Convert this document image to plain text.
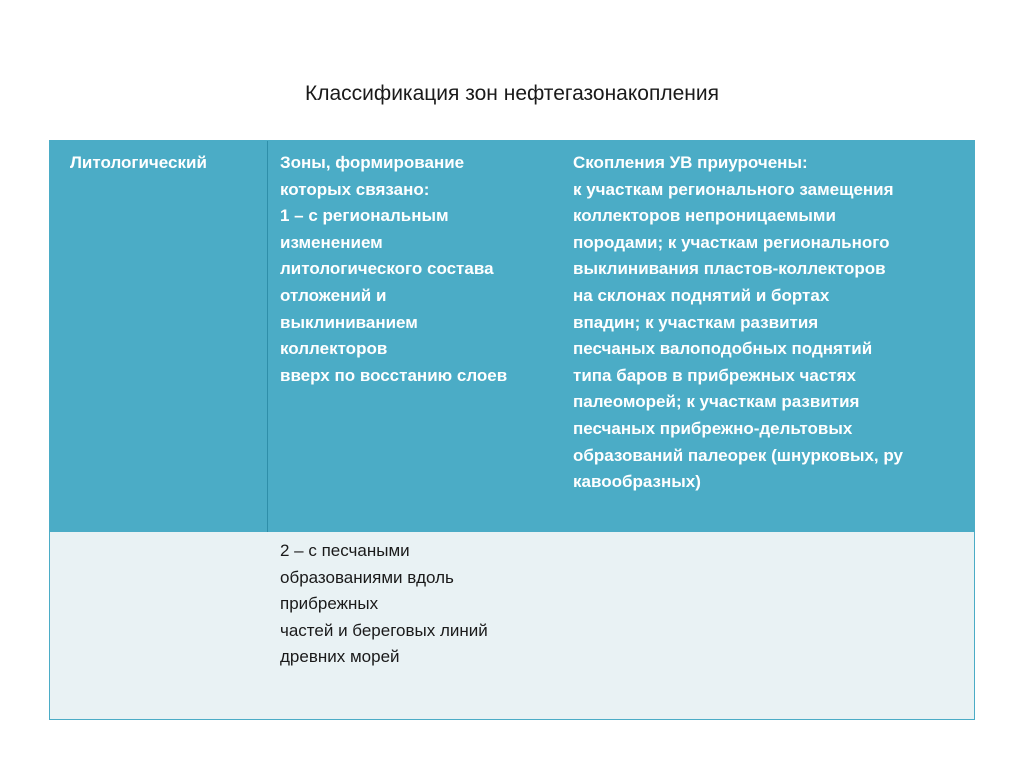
Классификация зон нефтегазонакопления
Литологический	Зоны, формирование
которых связано:
1 – с региональным
изменением
литологического состава
отложений и
выклиниванием
коллекторов
вверх по восстанию слоев
Скопления УВ приурочены:
к участкам регионального замещения
коллекторов непроницаемыми
породами; к участкам регионального
выклинивания пластов-коллекторов
на склонах поднятий и бортах
впадин; к участкам развития
песчаных валоподобных поднятий
типа баров в прибрежных частях
палеоморей; к участкам развития
песчаных прибрежно-дельтовых
образований палеорек (шнурковых, ру
кавообразных)
2 – с песчаными
образованиями вдоль
прибрежных
частей и береговых линий
древних морей
